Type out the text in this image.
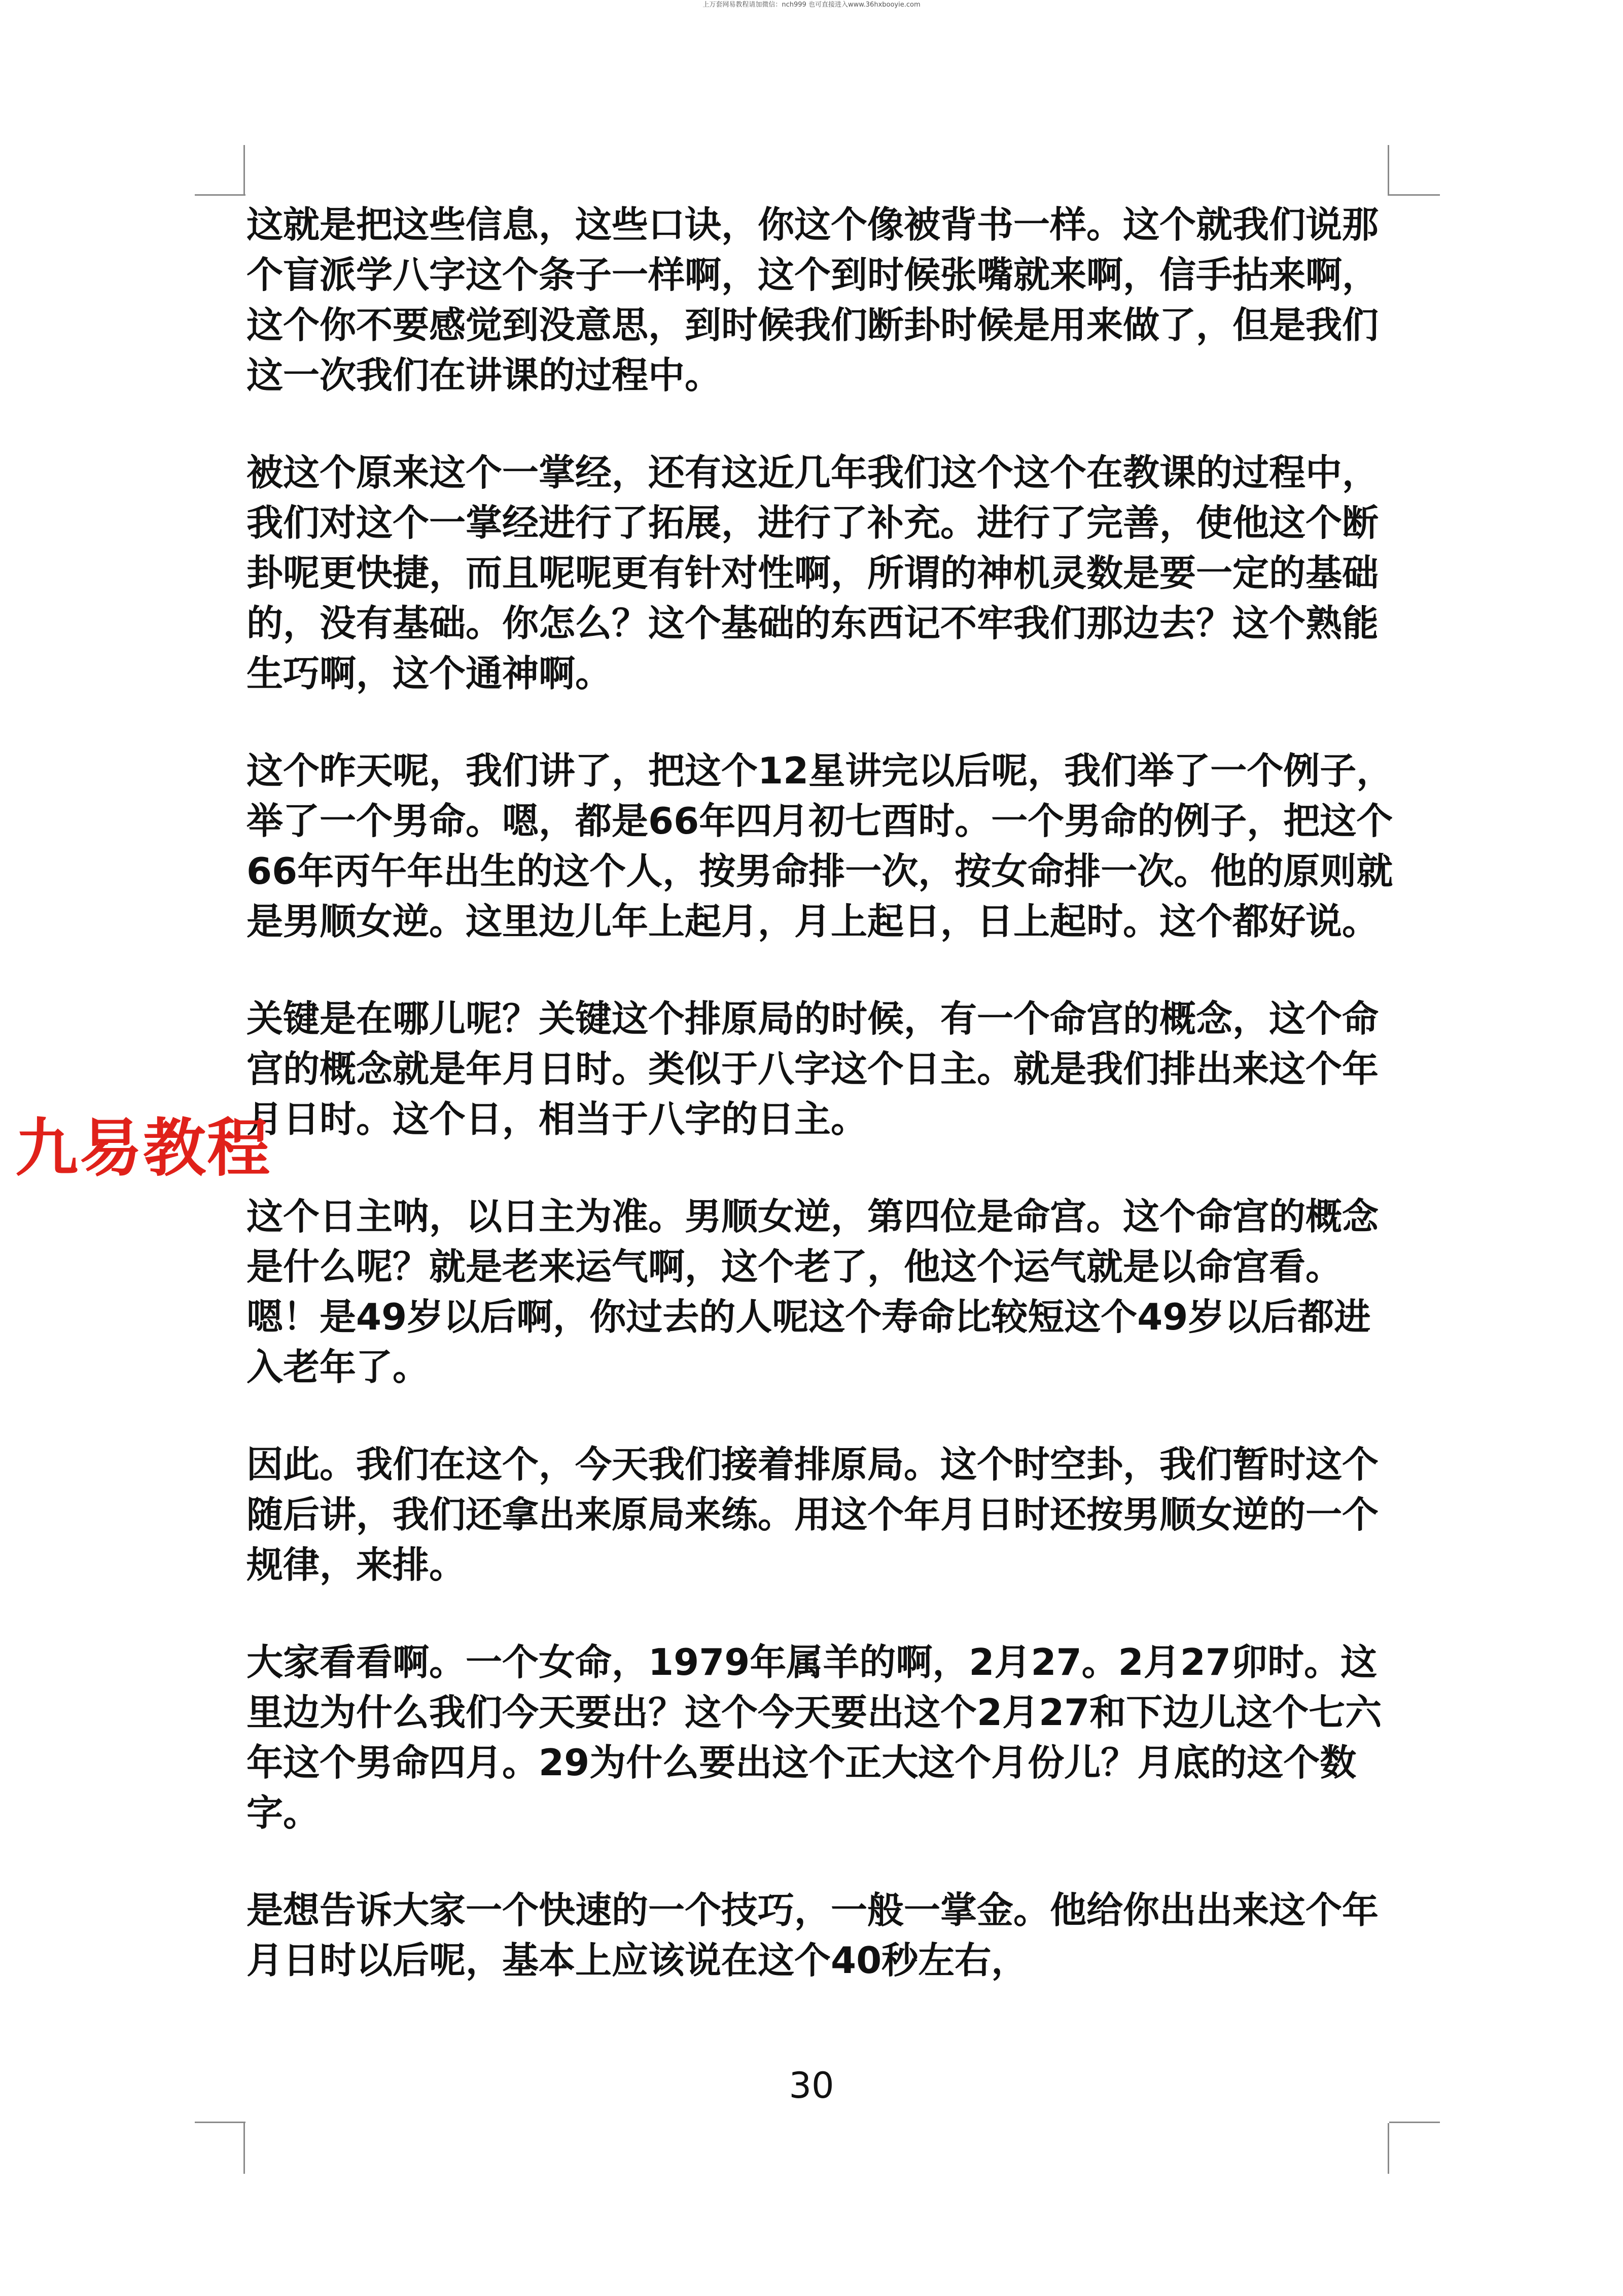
上万套网易教程请加微信：nch999 也可直接进入www.36hxbooyie.com

这就是把这些信息，这些口诀，你这个像被背书一样。这个就我们说那个盲派学八字这个条子一样啊，这个到时候张嘴就来啊，信手拈来啊，这个你不要感觉到没意思，到时候我们断卦时候是用来做了，但是我们这一次我们在讲课的过程中。

被这个原来这个一掌经，还有这近几年我们这个这个在教课的过程中，我们对这个一掌经进行了拓展，进行了补充。进行了完善，使他这个断卦呢更快捷，而且呢呢更有针对性啊，所谓的神机灵数是要一定的基础的，没有基础。你怎么？这个基础的东西记不牢我们那边去？这个熟能生巧啊，这个通神啊。

这个昨天呢，我们讲了，把这个12星讲完以后呢，我们举了一个例子，举了一个男命。嗯，都是66年四月初七酉时。一个男命的例子，把这个66年丙午年出生的这个人，按男命排一次，按女命排一次。他的原则就是男顺女逆。这里边儿年上起月，月上起日，日上起时。这个都好说。

关键是在哪儿呢？关键这个排原局的时候，有一个命宫的概念，这个命宫的概念就是年月日时。类似于八字这个日主。就是我们排出来这个年月日时。这个日，相当于八字的日主。

这个日主呐，以日主为准。男顺女逆，第四位是命宫。这个命宫的概念是什么呢？就是老来运气啊，这个老了，他这个运气就是以命宫看。嗯！是49岁以后啊，你过去的人呢这个寿命比较短这个49岁以后都进入老年了。

因此。我们在这个，今天我们接着排原局。这个时空卦，我们暂时这个随后讲，我们还拿出来原局来练。用这个年月日时还按男顺女逆的一个规律，来排。

大家看看啊。一个女命，1979年属羊的啊，2月27。2月27卯时。这里边为什么我们今天要出？这个今天要出这个2月27和下边儿这个七六年这个男命四月。29为什么要出这个正大这个月份儿？月底的这个数字。

是想告诉大家一个快速的一个技巧，一般一掌金。他给你出出来这个年月日时以后呢，基本上应该说在这个40秒左右，

九易教程
30
